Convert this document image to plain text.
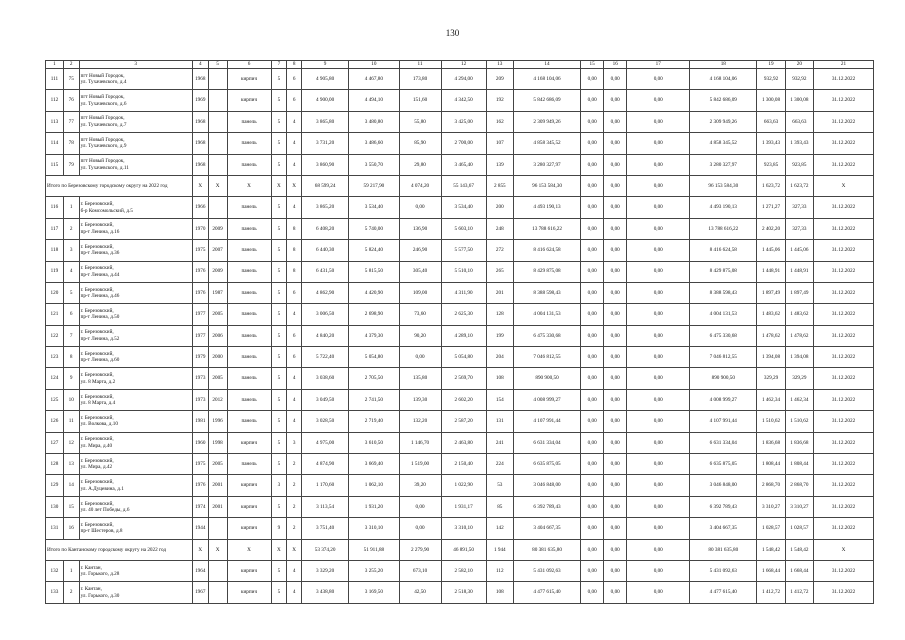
130
1	2	3	4	5	6	7	8	9	10	11	12	13	14	15	16	17	18	19	20	21
111	75	пгт Новый Городок,
ул. Тухачевского, д.4	1968		кирпич	5	6	4 905,80	4 467,80	173,80	4 294,00	209	4 168 104,06	0,00	0,00	0,00	4 168 104,06	932,92	932,92	31.12.2022
112	76	пгт Новый Городок,
ул. Тухачевского, д.6	1969		кирпич	5	6	4 900,00	4 494,10	151,60	4 342,50	192	5 842 686,09	0,00	0,00	0,00	5 842 686,09	1 300,08	1 300,08	31.12.2022
113	77	пгт Новый Городок,
ул. Тухачевского, д.7	1968		панель	5	4	3 865,80	3 480,80	55,80	3 425,00	162	2 309 949,26	0,00	0,00	0,00	2 309 949,26	663,63	663,63	31.12.2022
114	78	пгт Новый Городок,
ул. Тухачевского, д.9	1968		панель	5	4	3 731,20	3 486,60	85,90	2 700,00	107	4 858 345,52	0,00	0,00	0,00	4 858 345,52	1 393,43	1 393,43	31.12.2022
115	79	пгт Новый Городок,
ул. Тухачевского, д.11	1968		панель	5	4	3 860,90	3 550,70	29,80	3 465,40	139	3 280 327,97	0,00	0,00	0,00	3 280 327,97	923,85	923,85	31.12.2022
Итого по Березовскому городскому округу на 2022 год			X	X	X	X	X	68 599,24	59 217,90	4 074,20	55 143,67	2 855	96 153 584,30	0,00	0,00	0,00	96 153 584,30	1 623,72	1 623,72	X
116	1	г. Березовский,
б-р Комсомольский, д.5	1966		панель	5	4	3 865,20	3 534,40	0,00	3 534,40	200	4 493 190,13	0,00	0,00	0,00	4 493 190,13	1 271,27	327,33	31.12.2022
117	2	г. Березовский,
пр-т Ленина, д.16	1970	2009	панель	5	8	6 408,20	5 740,00	136,90	5 603,10	248	13 788 616,22	0,00	0,00	0,00	13 788 616,22	2 402,20	327,33	31.12.2022
118	3	г. Березовский,
пр-т Ленина, д.36	1975	2007	панель	5	8	6 440,30	5 824,40	246,90	5 577,50	272	8 416 624,58	0,00	0,00	0,00	8 416 624,58	1 445,06	1 445,06	31.12.2022
119	4	г. Березовский,
пр-т Ленина, д.44	1976	2009	панель	5	8	6 431,50	5 815,50	305,40	5 510,10	265	8 429 875,08	0,00	0,00	0,00	8 429 875,08	1 448,91	1 448,91	31.12.2022
120	5	г. Березовский,
пр-т Ленина, д.46	1976	1987	панель	5	6	4 862,90	4 420,90	109,00	4 311,90	201	8 388 598,43	0,00	0,00	0,00	8 388 598,43	1 897,49	1 897,49	31.12.2022
121	6	г. Березовский,
пр-т Ленина, д.50	1977	2005	панель	5	4	3 006,50	2 698,90	73,60	2 625,30	128	4 004 131,53	0,00	0,00	0,00	4 004 131,53	1 483,62	1 483,62	31.12.2022
122	7	г. Березовский,
пр-т Ленина, д.52	1977	2006	панель	5	6	4 840,20	4 379,30	90,20	4 289,10	199	6 475 330,68	0,00	0,00	0,00	6 475 330,68	1 478,62	1 478,62	31.12.2022
123	8	г. Березовский,
пр-т Ленина, д.60	1979	2000	панель	5	6	5 722,40	5 054,80	0,00	5 054,80	204	7 046 812,55	0,00	0,00	0,00	7 046 812,55	1 394,08	1 394,08	31.12.2022
124	9	г. Березовский,
ул. 8 Марта, д.2	1973	2005	панель	5	4	3 038,60	2 705,50	135,80	2 569,70	108	890 900,50	0,00	0,00	0,00	890 900,50	329,29	329,29	31.12.2022
125	10	г. Березовский,
ул. 8 Марта, д.4	1973	2012	панель	5	4	3 049,50	2 741,50	139,30	2 602,20	154	4 008 999,27	0,00	0,00	0,00	4 008 999,27	1 462,34	1 462,34	31.12.2022
126	11	г. Березовский,
ул. Волкова, д.10	1981	1996	панель	5	4	3 028,50	2 719,40	132,20	2 587,20	131	4 107 991,44	0,00	0,00	0,00	4 107 991,44	1 510,62	1 510,62	31.12.2022
127	12	г. Березовский,
ул. Мира, д.40	1960	1998	кирпич	5	3	4 975,00	3 610,50	1 146,70	2 463,80	241	6 631 334,04	0,00	0,00	0,00	6 631 334,04	1 836,68	1 836,68	31.12.2022
128	13	г. Березовский,
ул. Мира, д.42	1975	2005	панель	5	2	4 874,90	3 669,40	1 519,00	2 150,40	224	6 635 875,05	0,00	0,00	0,00	6 635 875,05	1 808,44	1 808,44	31.12.2022
129	14	г. Березовский,
ул. А.Дуцевина, д.1	1976	2001	кирпич	3	2	1 170,60	1 062,10	39,20	1 022,90	53	3 046 848,00	0,00	0,00	0,00	3 046 848,00	2 868,70	2 868,70	31.12.2022
130	15	г. Березовский,
ул. 40 лет Победы, д.6	1974	2001	кирпич	5	2	3 113,54	1 931,20	0,00	1 931,17	85	6 392 789,43	0,00	0,00	0,00	6 392 789,43	3 310,27	3 310,27	31.12.2022
131	16	г. Березовский,
пр-т Шестеров, д.8	1944		кирпич	9	2	3 751,40	3 310,10	0,00	3 310,10	142	3 404 667,35	0,00	0,00	0,00	3 404 667,35	1 028,57	1 028,57	31.12.2022
Итого по Кантанскому городскому округу на 2022 год			X	X	X	X	X	53 374,20	51 911,88	2 279,90	46 891,50	1 944	80 381 635,80	0,00	0,00	0,00	80 381 635,80	1 548,42	1 548,42	X
132	1	г. Кантан,
ул. Горького, д.28	1964		кирпич	5	4	3 329,20	3 255,20	673,10	2 582,10	112	5 431 092,63	0,00	0,00	0,00	5 431 092,63	1 668,44	1 668,44	31.12.2022
133	2	г. Кантан,
ул. Горького, д.30	1967		кирпич	5	4	3 438,80	3 169,50	42,50	2 518,30	108	4 477 615,40	0,00	0,00	0,00	4 477 615,40	1 412,72	1 412,72	31.12.2022
